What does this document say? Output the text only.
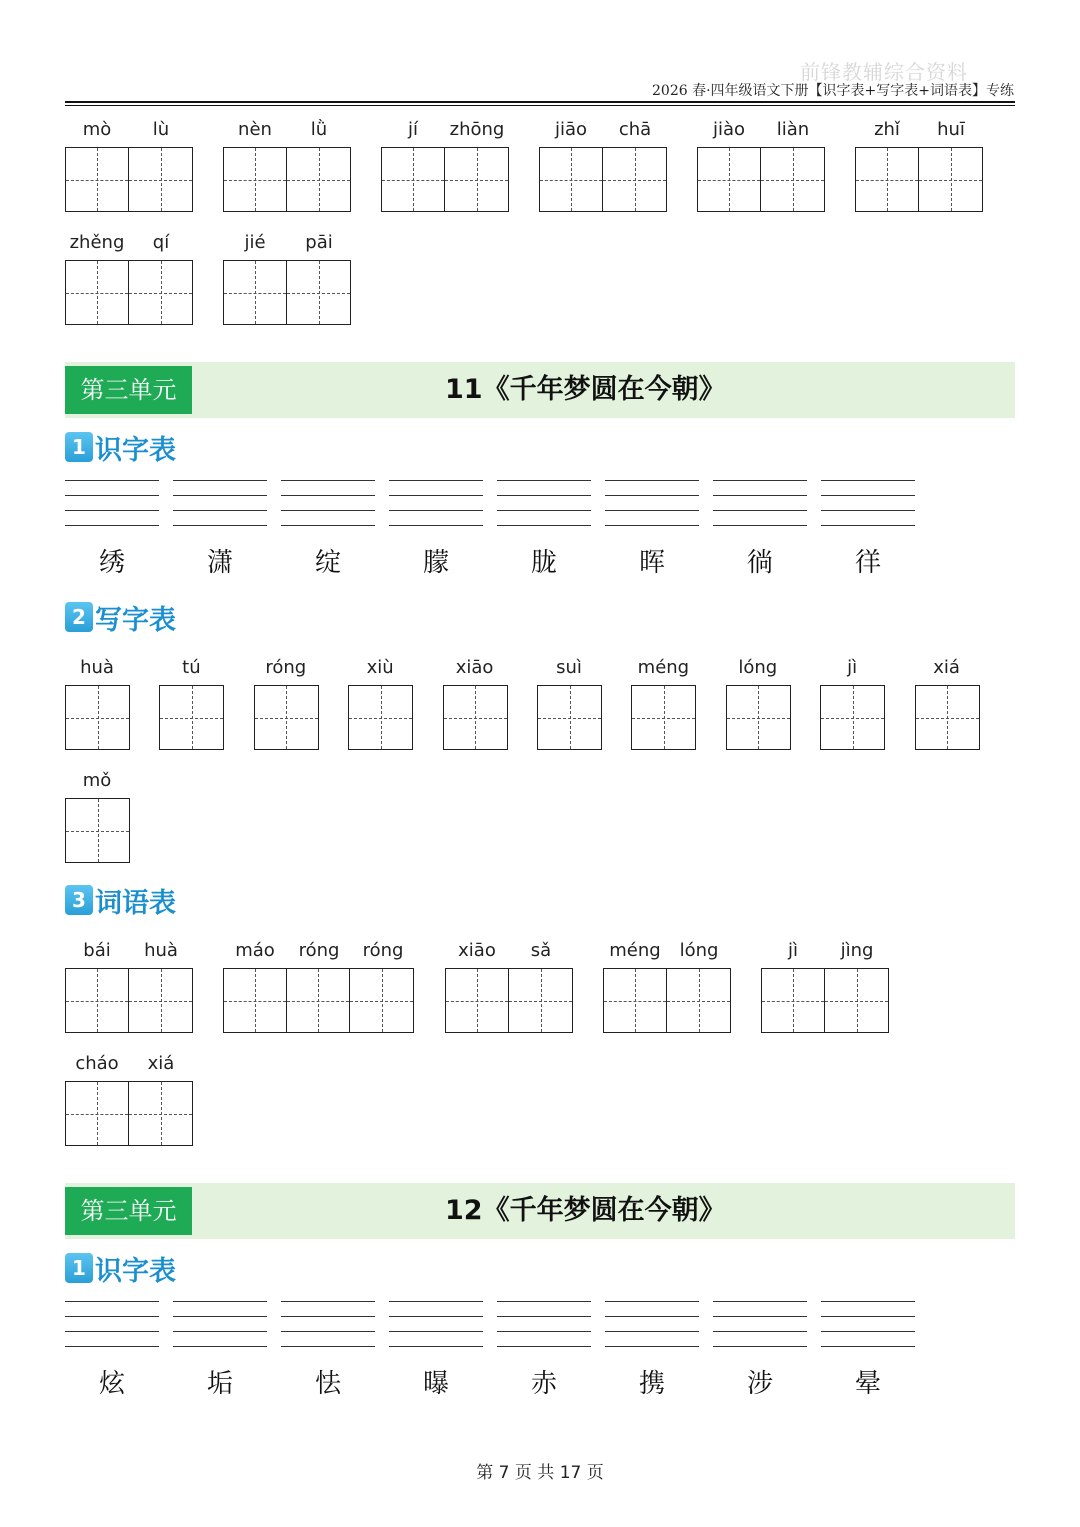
前锋教辅综合资料
2026 春·四年级语文下册【识字表+写字表+词语表】专练
mò	lù	nèn	lǜ	jí	zhōng	jiāo	chā	jiào	liàn	zhǐ	huī
zhěng	qí	jié	pāi
第三单元	11《千年梦圆在今朝》
1 识字表
绣	潇	绽	朦	胧	晖	徜	徉
2 写字表
huà	tú	róng	xiù	xiāo	suì	méng	lóng	jì	xiá
mǒ
3 词语表
bái	huà	máo	róng	róng	xiāo	sǎ	méng	lóng	jì	jìng
cháo	xiá
第三单元	12《千年梦圆在今朝》
1 识字表
炫	垢	怯	曝	赤	携	涉	晕
第 7 页 共 17 页
